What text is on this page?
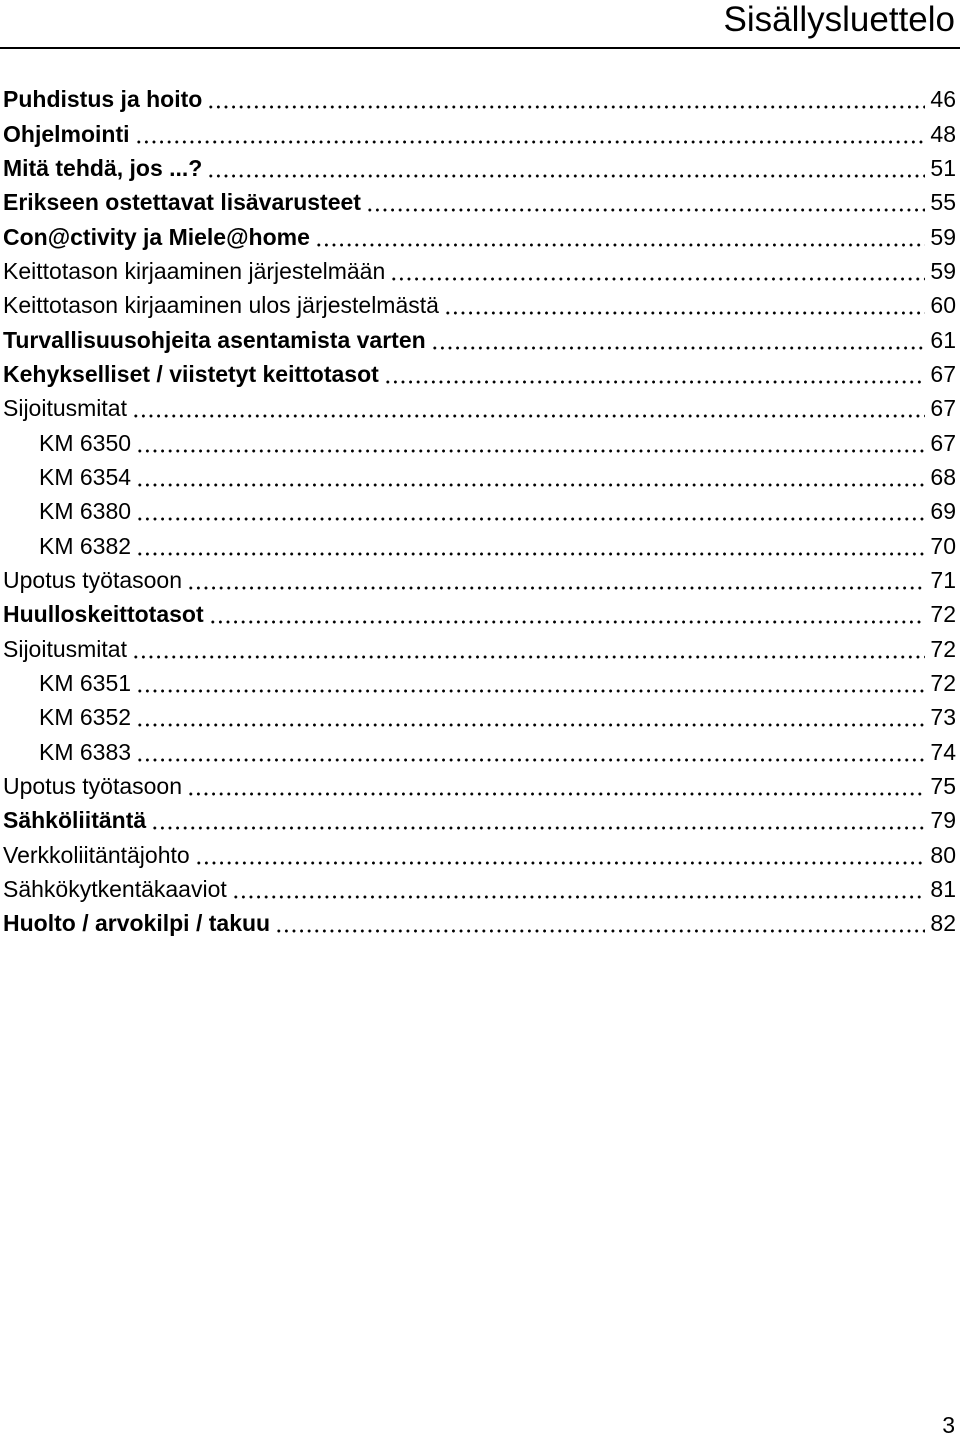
Sisällysluettelo
Puhdistus ja hoito	46
Ohjelmointi	48
Mitä tehdä, jos ...?	51
Erikseen ostettavat lisävarusteet	55
Con@ctivity ja Miele@home	59
Keittotason kirjaaminen järjestelmään	59
Keittotason kirjaaminen ulos järjestelmästä	60
Turvallisuusohjeita asentamista varten	61
Kehykselliset / viistetyt keittotasot	67
Sijoitusmitat	67
KM 6350	67
KM 6354	68
KM 6380	69
KM 6382	70
Upotus työtasoon	71
Huulloskeittotasot	72
Sijoitusmitat	72
KM 6351	72
KM 6352	73
KM 6383	74
Upotus työtasoon	75
Sähköliitäntä	79
Verkkoliitäntäjohto	80
Sähkökytkentäkaaviot	81
Huolto / arvokilpi / takuu	82
3
